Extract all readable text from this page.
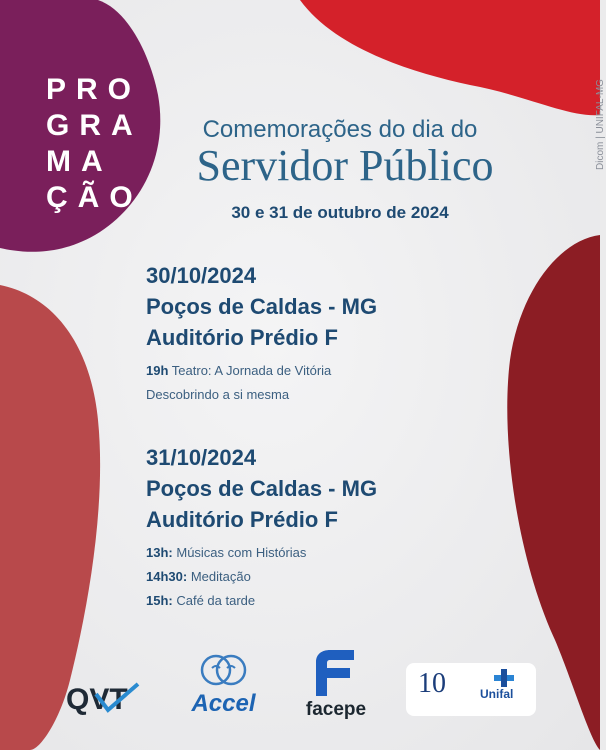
Dicom | UNIFAL-MG
PRO
GRA
MA
ÇÃO
Comemorações do dia do
Servidor Público
30 e 31 de outubro de 2024
30/10/2024
Poços de Caldas - MG
Auditório Prédio F
19h Teatro: A Jornada de Vitória
Descobrindo a si mesma
31/10/2024
Poços de Caldas - MG
Auditório Prédio F
13h: Músicas com Histórias
14h30: Meditação
15h: Café da tarde
QVT	Accel	facepe
10	Unifal
